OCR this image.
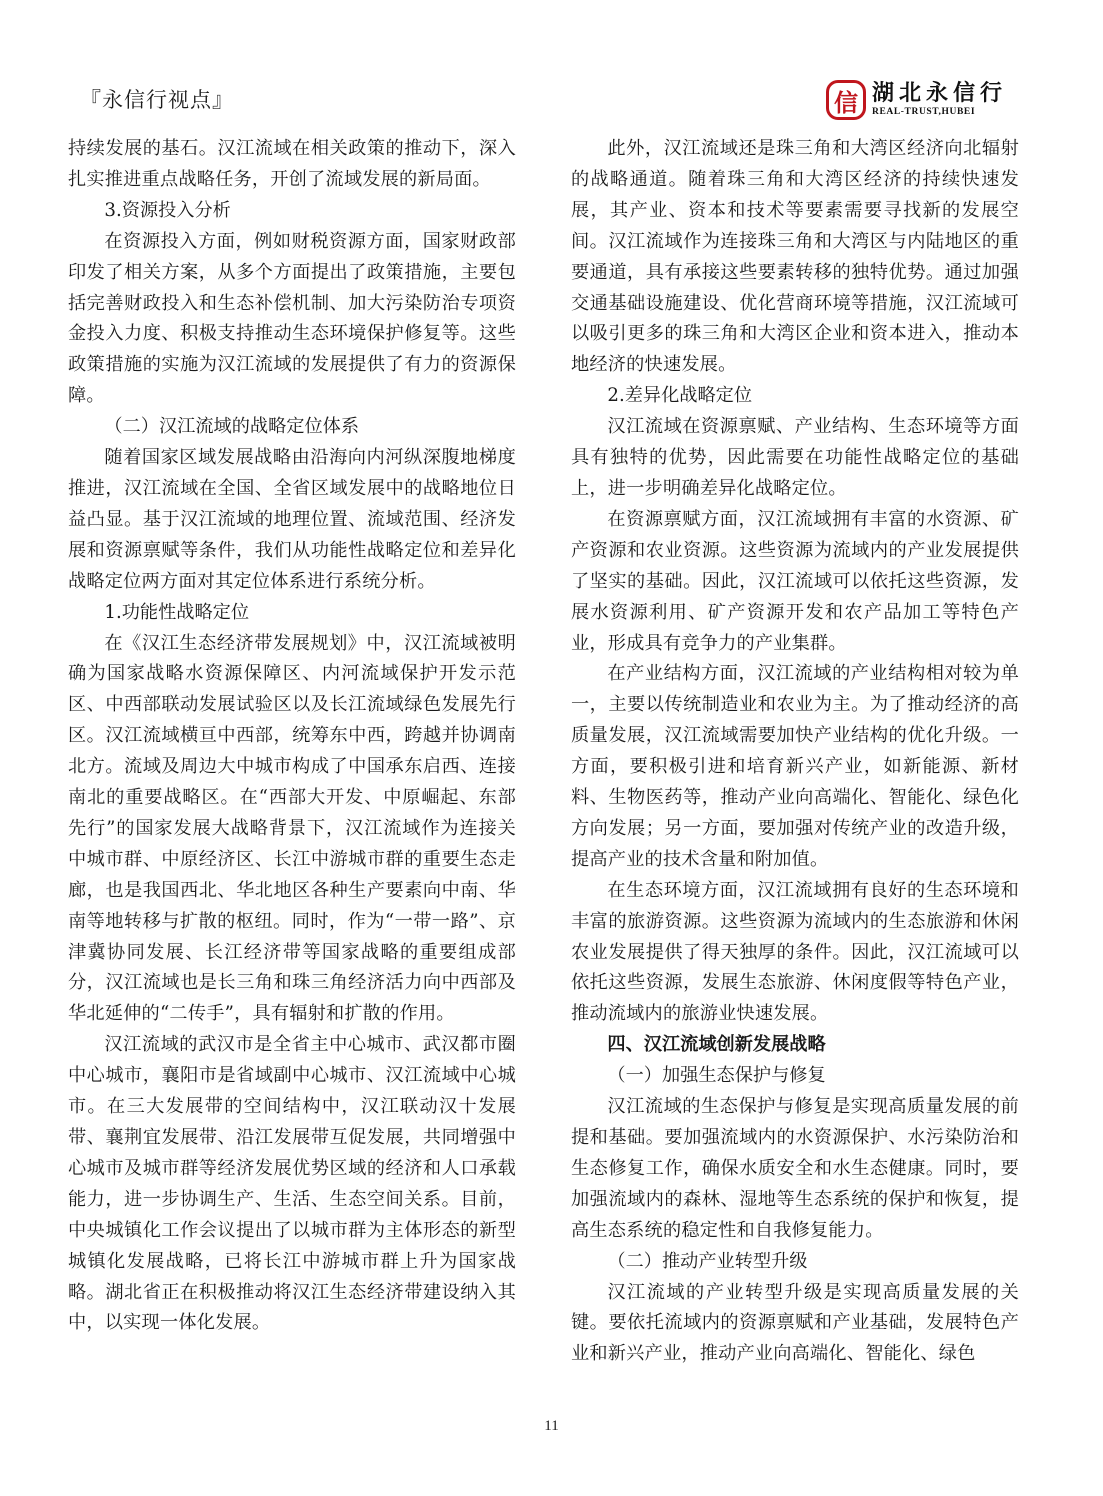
『永信行视点』	信 湖北永信行
REAL-TRUST,HUBEI

持续发展的基石。汉江流域在相关政策的推动下，深入扎实推进重点战略任务，开创了流域发展的新局面。

3.资源投入分析

在资源投入方面，例如财税资源方面，国家财政部印发了相关方案，从多个方面提出了政策措施，主要包括完善财政投入和生态补偿机制、加大污染防治专项资金投入力度、积极支持推动生态环境保护修复等。这些政策措施的实施为汉江流域的发展提供了有力的资源保障。

（二）汉江流域的战略定位体系

随着国家区域发展战略由沿海向内河纵深腹地梯度推进，汉江流域在全国、全省区域发展中的战略地位日益凸显。基于汉江流域的地理位置、流域范围、经济发展和资源禀赋等条件，我们从功能性战略定位和差异化战略定位两方面对其定位体系进行系统分析。

1.功能性战略定位

在《汉江生态经济带发展规划》中，汉江流域被明确为国家战略水资源保障区、内河流域保护开发示范区、中西部联动发展试验区以及长江流域绿色发展先行区。汉江流域横亘中西部，统筹东中西，跨越并协调南北方。流域及周边大中城市构成了中国承东启西、连接南北的重要战略区。在“西部大开发、中原崛起、东部先行”的国家发展大战略背景下，汉江流域作为连接关中城市群、中原经济区、长江中游城市群的重要生态走廊，也是我国西北、华北地区各种生产要素向中南、华南等地转移与扩散的枢纽。同时，作为“一带一路”、京津冀协同发展、长江经济带等国家战略的重要组成部分，汉江流域也是长三角和珠三角经济活力向中西部及华北延伸的“二传手”，具有辐射和扩散的作用。

汉江流域的武汉市是全省主中心城市、武汉都市圈中心城市，襄阳市是省域副中心城市、汉江流域中心城市。在三大发展带的空间结构中，汉江联动汉十发展带、襄荆宜发展带、沿江发展带互促发展，共同增强中心城市及城市群等经济发展优势区域的经济和人口承载能力，进一步协调生产、生活、生态空间关系。目前，中央城镇化工作会议提出了以城市群为主体形态的新型城镇化发展战略，已将长江中游城市群上升为国家战略。湖北省正在积极推动将汉江生态经济带建设纳入其中，以实现一体化发展。

此外，汉江流域还是珠三角和大湾区经济向北辐射的战略通道。随着珠三角和大湾区经济的持续快速发展，其产业、资本和技术等要素需要寻找新的发展空间。汉江流域作为连接珠三角和大湾区与内陆地区的重要通道，具有承接这些要素转移的独特优势。通过加强交通基础设施建设、优化营商环境等措施，汉江流域可以吸引更多的珠三角和大湾区企业和资本进入，推动本地经济的快速发展。

2.差异化战略定位

汉江流域在资源禀赋、产业结构、生态环境等方面具有独特的优势，因此需要在功能性战略定位的基础上，进一步明确差异化战略定位。

在资源禀赋方面，汉江流域拥有丰富的水资源、矿产资源和农业资源。这些资源为流域内的产业发展提供了坚实的基础。因此，汉江流域可以依托这些资源，发展水资源利用、矿产资源开发和农产品加工等特色产业，形成具有竞争力的产业集群。

在产业结构方面，汉江流域的产业结构相对较为单一，主要以传统制造业和农业为主。为了推动经济的高质量发展，汉江流域需要加快产业结构的优化升级。一方面，要积极引进和培育新兴产业，如新能源、新材料、生物医药等，推动产业向高端化、智能化、绿色化方向发展；另一方面，要加强对传统产业的改造升级，提高产业的技术含量和附加值。

在生态环境方面，汉江流域拥有良好的生态环境和丰富的旅游资源。这些资源为流域内的生态旅游和休闲农业发展提供了得天独厚的条件。因此，汉江流域可以依托这些资源，发展生态旅游、休闲度假等特色产业，推动流域内的旅游业快速发展。

四、汉江流域创新发展战略

（一）加强生态保护与修复

汉江流域的生态保护与修复是实现高质量发展的前提和基础。要加强流域内的水资源保护、水污染防治和生态修复工作，确保水质安全和水生态健康。同时，要加强流域内的森林、湿地等生态系统的保护和恢复，提高生态系统的稳定性和自我修复能力。

（二）推动产业转型升级

汉江流域的产业转型升级是实现高质量发展的关键。要依托流域内的资源禀赋和产业基础，发展特色产业和新兴产业，推动产业向高端化、智能化、绿色

11
